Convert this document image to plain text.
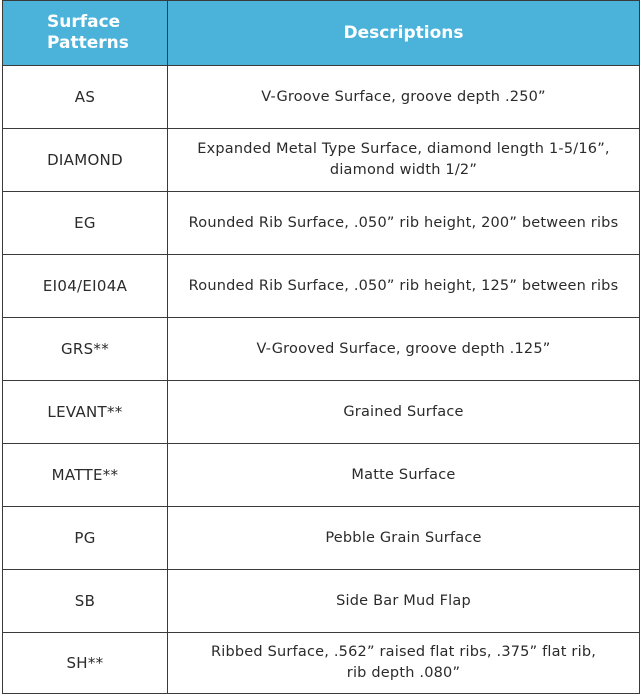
Surface
Patterns	Descriptions
AS	V-Groove Surface, groove depth .250”
DIAMOND	Expanded Metal Type Surface, diamond length 1-5/16”,
diamond width 1/2”
EG	Rounded Rib Surface, .050” rib height, 200” between ribs
EI04/EI04A	Rounded Rib Surface, .050” rib height, 125” between ribs
GRS**	V-Grooved Surface, groove depth .125”
LEVANT**	Grained Surface
MATTE**	Matte Surface
PG	Pebble Grain Surface
SB	Side Bar Mud Flap
SH**	Ribbed Surface, .562” raised flat ribs, .375” flat rib,
rib depth .080”
